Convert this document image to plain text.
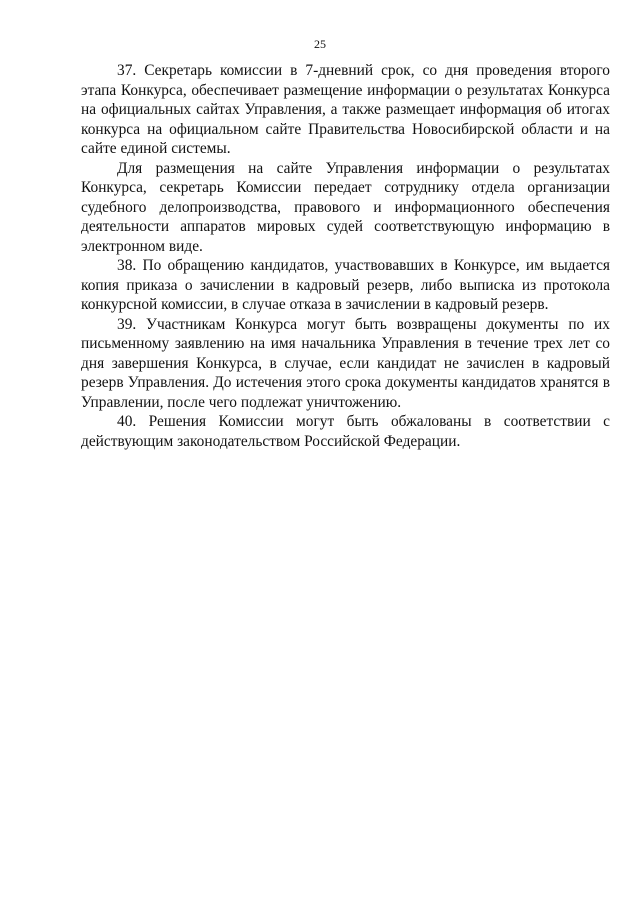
25

37. Секретарь комиссии в 7-дневний срок, со дня проведения второго этапа Конкурса, обеспечивает размещение информации о результатах Конкурса на официальных сайтах Управления, а также размещает информация об итогах конкурса на официальном сайте Правительства Новосибирской области и на сайте единой системы.

Для размещения на сайте Управления информации о результатах Конкурса, секретарь Комиссии передает сотруднику отдела организации судебного делопроизводства, правового и информационного обеспечения деятельности аппаратов мировых судей соответствующую информацию в электронном виде.

38. По обращению кандидатов, участвовавших в Конкурсе, им выдается копия приказа о зачислении в кадровый резерв, либо выписка из протокола конкурсной комиссии, в случае отказа в зачислении в кадровый резерв.

39. Участникам Конкурса могут быть возвращены документы по их письменному заявлению на имя начальника Управления в течение трех лет со дня завершения Конкурса, в случае, если кандидат не зачислен в кадровый резерв Управления. До истечения этого срока документы кандидатов хранятся в Управлении, после чего подлежат уничтожению.

40. Решения Комиссии могут быть обжалованы в соответствии с действующим законодательством Российской Федерации.
